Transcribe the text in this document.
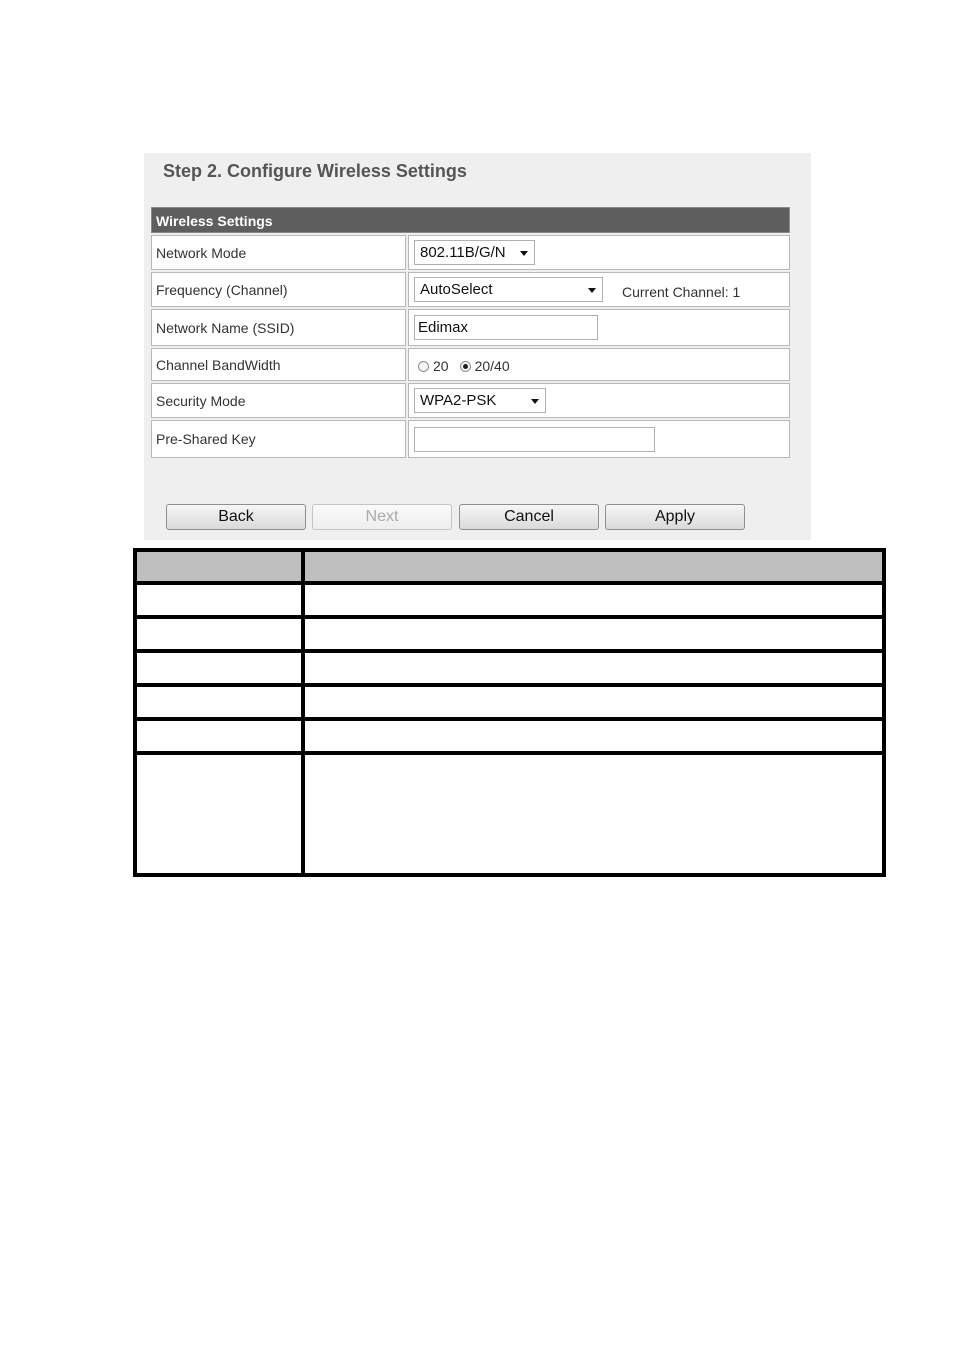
Step 2. Configure Wireless Settings
Wireless Settings
Network Mode	802.11B/G/N
Frequency (Channel)	AutoSelect	Current Channel: 1
Network Name (SSID)	Edimax
Channel BandWidth	20 20/40
Security Mode	WPA2-PSK
Pre-Shared Key
Back	Next	Cancel	Apply
